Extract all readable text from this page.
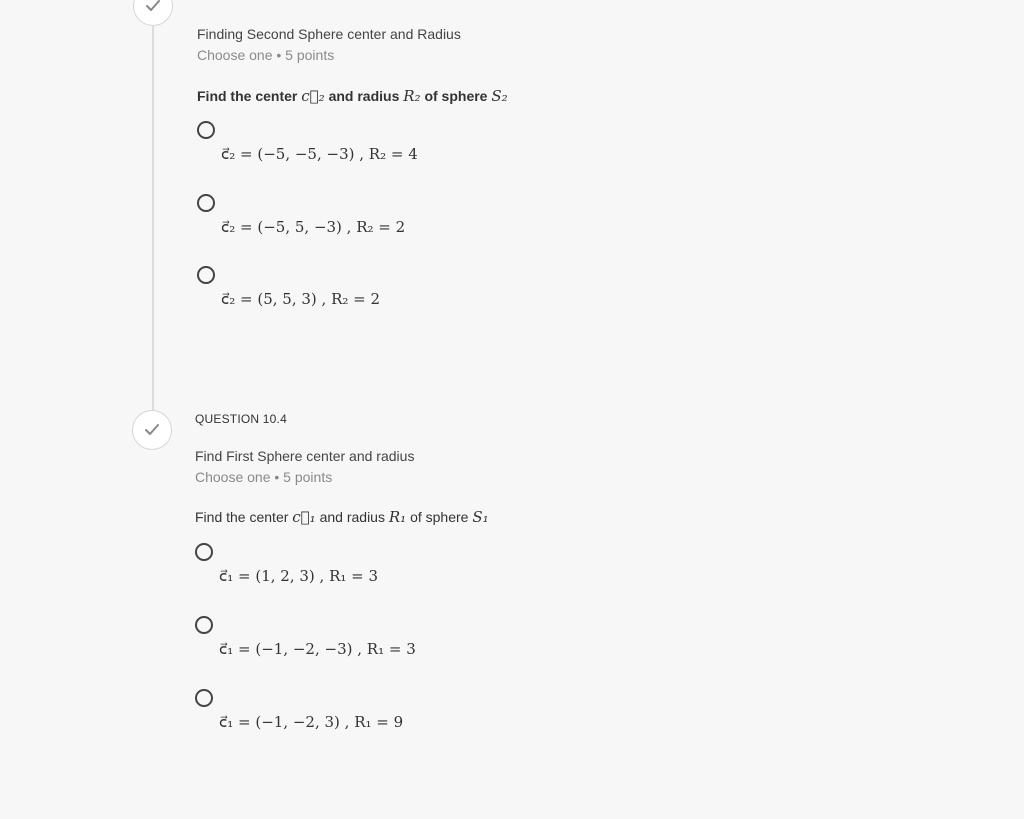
Finding Second Sphere center and Radius

Choose one • 5 points

Find the center c⃗₂ and radius R₂ of sphere S₂

c⃗₂ = (−5, −5, −3) , R₂ = 4
c⃗₂ = (−5, 5, −3) , R₂ = 2
c⃗₂ = (5, 5, 3) , R₂ = 2

QUESTION 10.4

Find First Sphere center and radius

Choose one • 5 points

Find the center c⃗₁ and radius R₁ of sphere S₁

c⃗₁ = (1, 2, 3) , R₁ = 3
c⃗₁ = (−1, −2, −3) , R₁ = 3
c⃗₁ = (−1, −2, 3) , R₁ = 9
